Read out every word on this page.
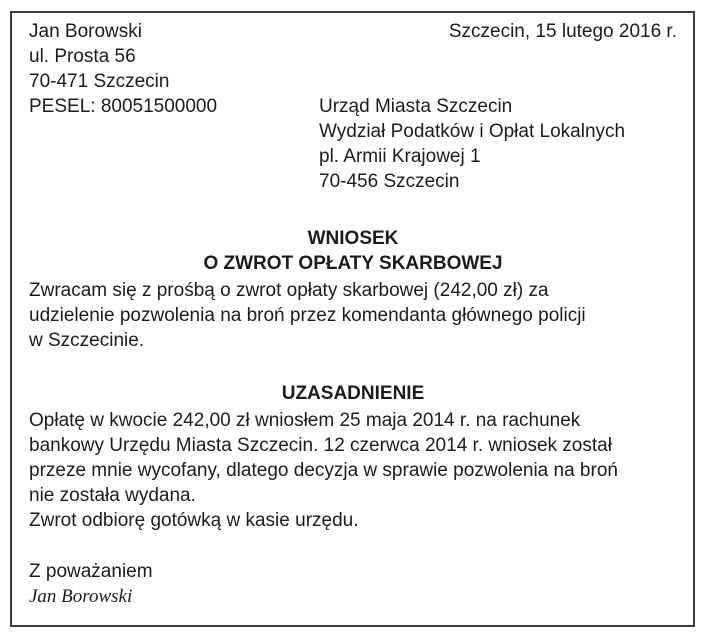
Jan Borowski
ul. Prosta 56
70-471 Szczecin
PESEL: 80051500000
Szczecin, 15 lutego 2016 r.
Urząd Miasta Szczecin
Wydział Podatków i Opłat Lokalnych
pl. Armii Krajowej 1
70-456 Szczecin
WNIOSEK
O ZWROT OPŁATY SKARBOWEJ
Zwracam się z prośbą o zwrot opłaty skarbowej (242,00 zł) za
udzielenie pozwolenia na broń przez komendanta głównego policji
w Szczecinie.
UZASADNIENIE
Opłatę w kwocie 242,00 zł wniosłem 25 maja 2014 r. na rachunek
bankowy Urzędu Miasta Szczecin. 12 czerwca 2014 r. wniosek został
przeze mnie wycofany, dlatego decyzja w sprawie pozwolenia na broń
nie została wydana.
Zwrot odbiorę gotówką w kasie urzędu.
Z poważaniem
Jan Borowski
